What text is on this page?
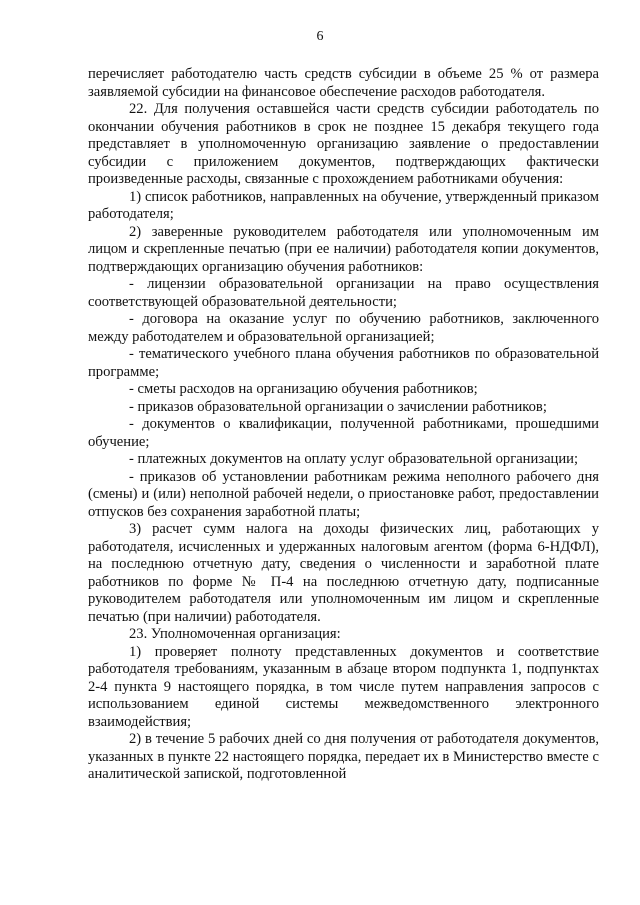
6

перечисляет работодателю часть средств субсидии в объеме 25 % от размера заявляемой субсидии на финансовое обеспечение расходов работодателя.

22. Для получения оставшейся части средств субсидии работодатель по окончании обучения работников в срок не позднее 15 декабря текущего года представляет в уполномоченную организацию заявление о предоставлении субсидии с приложением документов, подтверждающих фактически произведенные расходы, связанные с прохождением работниками обучения:

1) список работников, направленных на обучение, утвержденный приказом работодателя;

2) заверенные руководителем работодателя или уполномоченным им лицом и скрепленные печатью (при ее наличии) работодателя копии документов, подтверждающих организацию обучения работников:

- лицензии образовательной организации на право осуществления соответствующей образовательной деятельности;

- договора на оказание услуг по обучению работников, заключенного между работодателем и образовательной организацией;

- тематического учебного плана обучения работников по образовательной программе;

- сметы расходов на организацию обучения работников;

- приказов образовательной организации о зачислении работников;

- документов о квалификации, полученной работниками, прошедшими обучение;

- платежных документов на оплату услуг образовательной организации;

- приказов об установлении работникам режима неполного рабочего дня (смены) и (или) неполной рабочей недели, о приостановке работ, предоставлении отпусков без сохранения заработной платы;

3) расчет сумм налога на доходы физических лиц, работающих у работодателя, исчисленных и удержанных налоговым агентом (форма 6-НДФЛ), на последнюю отчетную дату, сведения о численности и заработной плате работников по форме № П-4 на последнюю отчетную дату, подписанные руководителем работодателя или уполномоченным им лицом и скрепленные печатью (при наличии) работодателя.

23. Уполномоченная организация:

1) проверяет полноту представленных документов и соответствие работодателя требованиям, указанным в абзаце втором подпункта 1, подпунктах 2-4 пункта 9 настоящего порядка, в том числе путем направления запросов с использованием единой системы межведомственного электронного взаимодействия;

2) в течение 5 рабочих дней со дня получения от работодателя документов, указанных в пункте 22 настоящего порядка, передает их в Министерство вместе с аналитической запиской, подготовленной
